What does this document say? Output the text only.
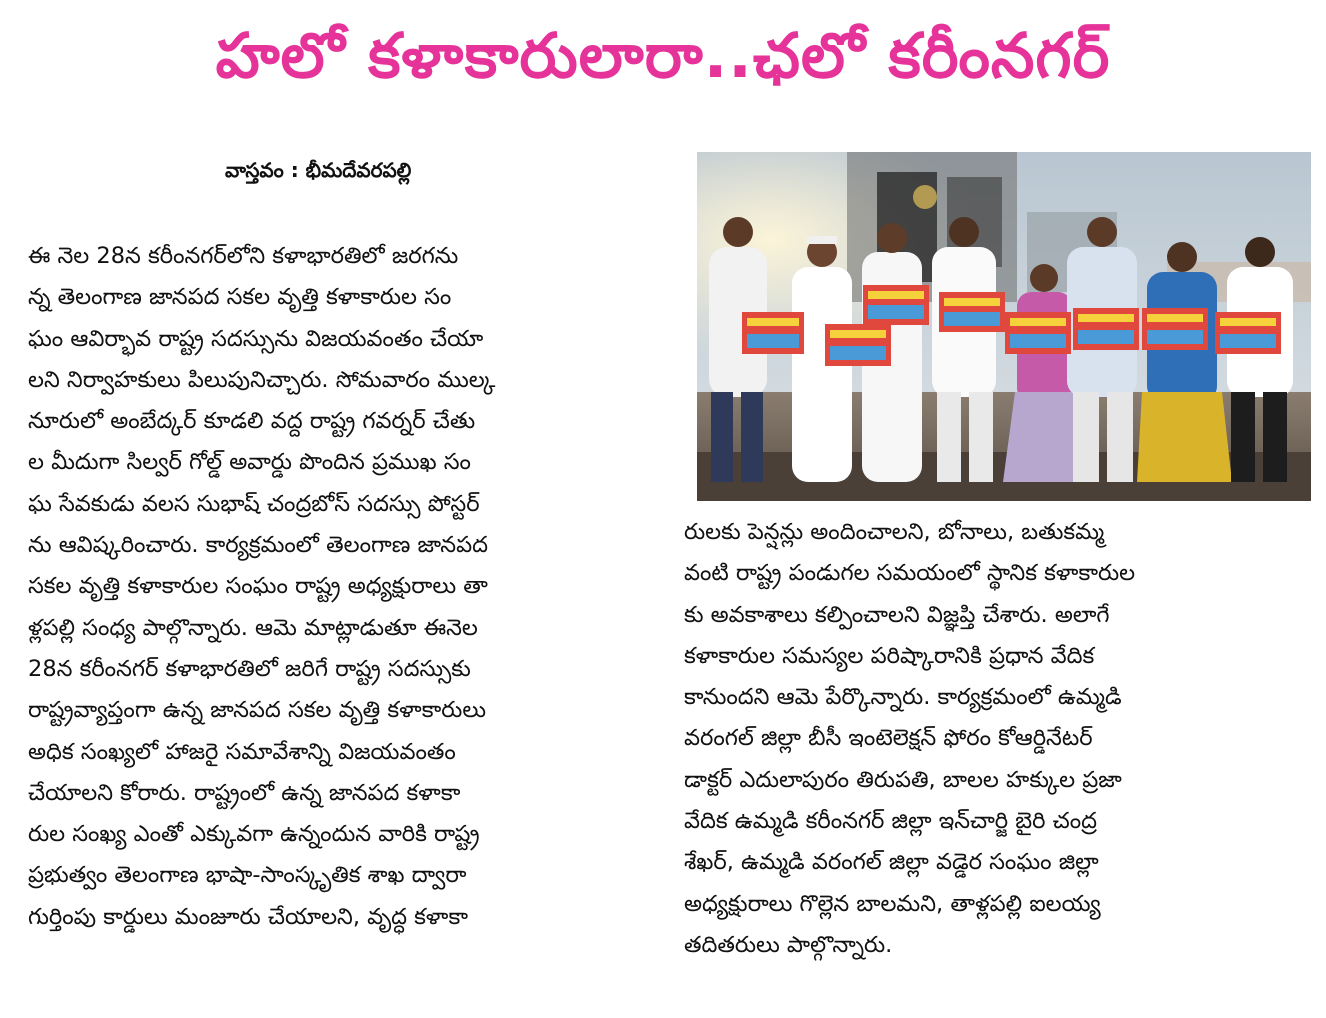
హలో కళాకారులారా..ఛలో కరీంనగర్
వాస్తవం : భీమదేవరపల్లి
ఈ నెల 28న కరీంనగర్‌లోని కళాభారతిలో జరగను
న్న తెలంగాణ జానపద సకల వృత్తి కళాకారుల సం
ఘం ఆవిర్భావ రాష్ట్ర సదస్సును విజయవంతం చేయా
లని నిర్వాహకులు పిలుపునిచ్చారు. సోమవారం ముల్క
నూరులో అంబేద్కర్ కూడలి వద్ద రాష్ట్ర గవర్నర్ చేతు
ల మీదుగా సిల్వర్ గోల్డ్ అవార్డు పొందిన ప్రముఖ సం
ఘ సేవకుడు వలస సుభాష్ చంద్రబోస్ సదస్సు పోస్టర్
ను ఆవిష్కరించారు. కార్యక్రమంలో తెలంగాణ జానపద
సకల వృత్తి కళాకారుల సంఘం రాష్ట్ర అధ్యక్షురాలు తా
ళ్లపల్లి సంధ్య పాల్గొన్నారు. ఆమె మాట్లాడుతూ ఈనెల
28న కరీంనగర్ కళాభారతిలో జరిగే రాష్ట్ర సదస్సుకు
రాష్ట్రవ్యాప్తంగా ఉన్న జానపద సకల వృత్తి కళాకారులు
అధిక సంఖ్యలో హాజరై సమావేశాన్ని విజయవంతం
చేయాలని కోరారు. రాష్ట్రంలో ఉన్న జానపద కళాకా
రుల సంఖ్య ఎంతో ఎక్కువగా ఉన్నందున వారికి రాష్ట్ర
ప్రభుత్వం తెలంగాణ భాషా-సాంస్కృతిక శాఖ ద్వారా
గుర్తింపు కార్డులు మంజూరు చేయాలని, వృద్ధ కళాకా
రులకు పెన్షన్లు అందించాలని, బోనాలు, బతుకమ్మ
వంటి రాష్ట్ర పండుగల సమయంలో స్థానిక కళాకారుల
కు అవకాశాలు కల్పించాలని విజ్ఞప్తి చేశారు. అలాగే
కళాకారుల సమస్యల పరిష్కారానికి ప్రధాన వేదిక
కానుందని ఆమె పేర్కొన్నారు. కార్యక్రమంలో ఉమ్మడి
వరంగల్ జిల్లా బీసీ ఇంటెలెక్షన్ ఫోరం కోఆర్డినేటర్
డాక్టర్ ఎదులాపురం తిరుపతి, బాలల హక్కుల ప్రజా
వేదిక ఉమ్మడి కరీంనగర్ జిల్లా ఇన్‌చార్జి బైరి చంద్ర
శేఖర్, ఉమ్మడి వరంగల్ జిల్లా వడ్డెర సంఘం జిల్లా
అధ్యక్షురాలు గొల్లెన బాలమని, తాళ్లపల్లి ఐలయ్య
తదితరులు పాల్గొన్నారు.
